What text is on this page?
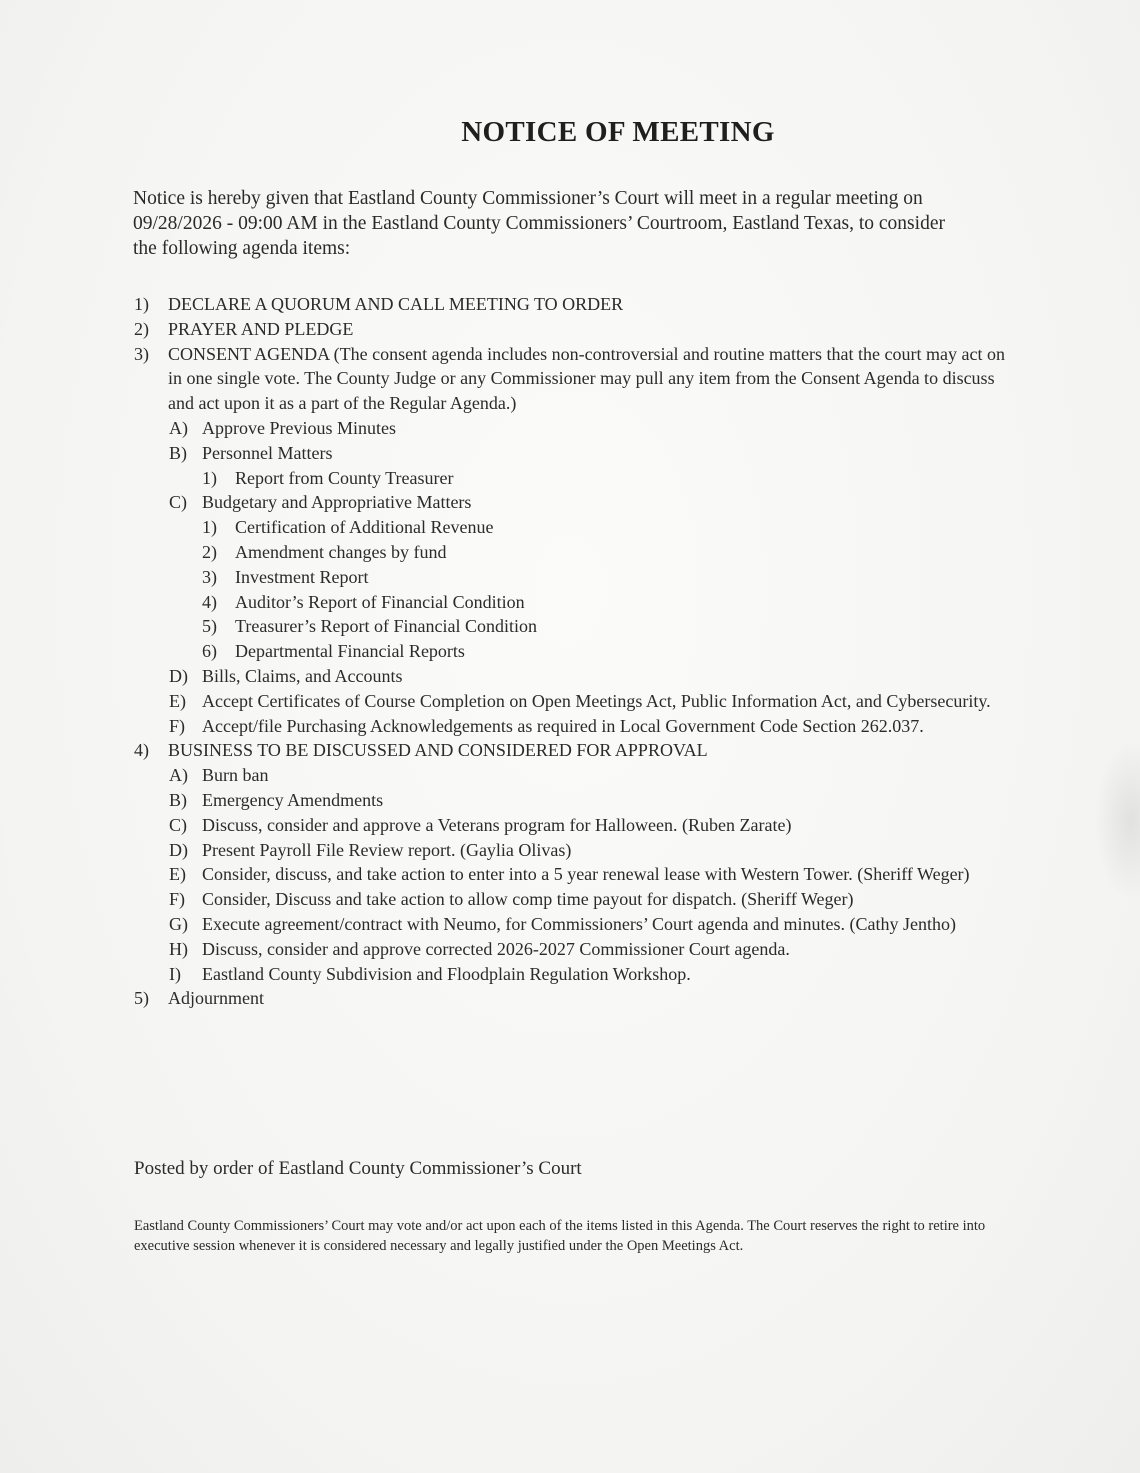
NOTICE OF MEETING
Notice is hereby given that Eastland County Commissioner’s Court will meet in a regular meeting on 09/28/2026 - 09:00 AM in the Eastland County Commissioners’ Courtroom, Eastland Texas, to consider the following agenda items:
1) DECLARE A QUORUM AND CALL MEETING TO ORDER
2) PRAYER AND PLEDGE
3) CONSENT AGENDA (The consent agenda includes non-controversial and routine matters that the court may act on in one single vote. The County Judge or any Commissioner may pull any item from the Consent Agenda to discuss and act upon it as a part of the Regular Agenda.)
A) Approve Previous Minutes
B) Personnel Matters
1) Report from County Treasurer
C) Budgetary and Appropriative Matters
1) Certification of Additional Revenue
2) Amendment changes by fund
3) Investment Report
4) Auditor’s Report of Financial Condition
5) Treasurer’s Report of Financial Condition
6) Departmental Financial Reports
D) Bills, Claims, and Accounts
E) Accept Certificates of Course Completion on Open Meetings Act, Public Information Act, and Cybersecurity.
F) Accept/file Purchasing Acknowledgements as required in Local Government Code Section 262.037.
4) BUSINESS TO BE DISCUSSED AND CONSIDERED FOR APPROVAL
A) Burn ban
B) Emergency Amendments
C) Discuss, consider and approve a Veterans program for Halloween. (Ruben Zarate)
D) Present Payroll File Review report. (Gaylia Olivas)
E) Consider, discuss, and take action to enter into a 5 year renewal lease with Western Tower. (Sheriff Weger)
F) Consider, Discuss and take action to allow comp time payout for dispatch. (Sheriff Weger)
G) Execute agreement/contract with Neumo, for Commissioners’ Court agenda and minutes. (Cathy Jentho)
H) Discuss, consider and approve corrected 2026-2027 Commissioner Court agenda.
I) Eastland County Subdivision and Floodplain Regulation Workshop.
5) Adjournment
Posted by order of Eastland County Commissioner’s Court
Eastland County Commissioners’ Court may vote and/or act upon each of the items listed in this Agenda. The Court reserves the right to retire into executive session whenever it is considered necessary and legally justified under the Open Meetings Act.
